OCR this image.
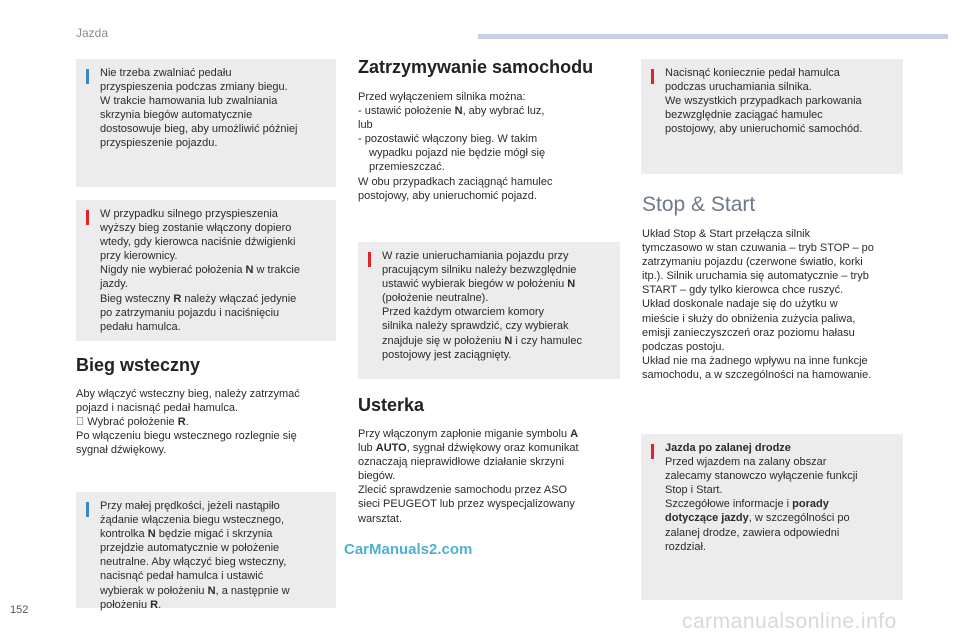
Jazda
Nie trzeba zwalniać pedału
przyspieszenia podczas zmiany biegu.
W trakcie hamowania lub zwalniania
skrzynia biegów automatycznie
dostosowuje bieg, aby umożliwić później
przyspieszenie pojazdu.
W przypadku silnego przyspieszenia
wyższy bieg zostanie włączony dopiero
wtedy, gdy kierowca naciśnie dźwigienki
przy kierownicy.
Nigdy nie wybierać położenia N w trakcie
jazdy.
Bieg wsteczny R należy włączać jedynie
po zatrzymaniu pojazdu i naciśnięciu
pedału hamulca.
Bieg wsteczny
Aby włączyć wsteczny bieg, należy zatrzymać
pojazd i nacisnąć pedał hamulca.
Wybrać położenie R.
Po włączeniu biegu wstecznego rozlegnie się
sygnał dźwiękowy.
Przy małej prędkości, jeżeli nastąpiło
żądanie włączenia biegu wstecznego,
kontrolka N będzie migać i skrzynia
przejdzie automatycznie w położenie
neutralne. Aby włączyć bieg wsteczny,
nacisnąć pedał hamulca i ustawić
wybierak w położeniu N, a następnie w
położeniu R.
Zatrzymywanie samochodu
Przed wyłączeniem silnika można:
- ustawić położenie N, aby wybrać luz,
lub
- pozostawić włączony bieg. W takim
wypadku pojazd nie będzie mógł się
przemieszczać.
W obu przypadkach zaciągnąć hamulec
postojowy, aby unieruchomić pojazd.
W razie unieruchamiania pojazdu przy
pracującym silniku należy bezwzględnie
ustawić wybierak biegów w położeniu N
(położenie neutralne).
Przed każdym otwarciem komory
silnika należy sprawdzić, czy wybierak
znajduje się w położeniu N i czy hamulec
postojowy jest zaciągnięty.
Usterka
Przy włączonym zapłonie miganie symbolu A
lub AUTO, sygnał dźwiękowy oraz komunikat
oznaczają nieprawidłowe działanie skrzyni
biegów.
Zlecić sprawdzenie samochodu przez ASO
sieci PEUGEOT lub przez wyspecjalizowany
warsztat.
Nacisnąć koniecznie pedał hamulca
podczas uruchamiania silnika.
We wszystkich przypadkach parkowania
bezwzględnie zaciągać hamulec
postojowy, aby unieruchomić samochód.
Stop & Start
Układ Stop & Start przełącza silnik
tymczasowo w stan czuwania – tryb STOP – po
zatrzymaniu pojazdu (czerwone światło, korki
itp.). Silnik uruchamia się automatycznie – tryb
START – gdy tylko kierowca chce ruszyć.
Układ doskonale nadaje się do użytku w
mieście i służy do obniżenia zużycia paliwa,
emisji zanieczyszczeń oraz poziomu hałasu
podczas postoju.
Układ nie ma żadnego wpływu na inne funkcje
samochodu, a w szczególności na hamowanie.
Jazda po zalanej drodze
Przed wjazdem na zalany obszar
zalecamy stanowczo wyłączenie funkcji
Stop i Start.
Szczegółowe informacje i porady
dotyczące jazdy, w szczególności po
zalanej drodze, zawiera odpowiedni
rozdział.
152
CarManuals2.com
carmanualsonline.info
